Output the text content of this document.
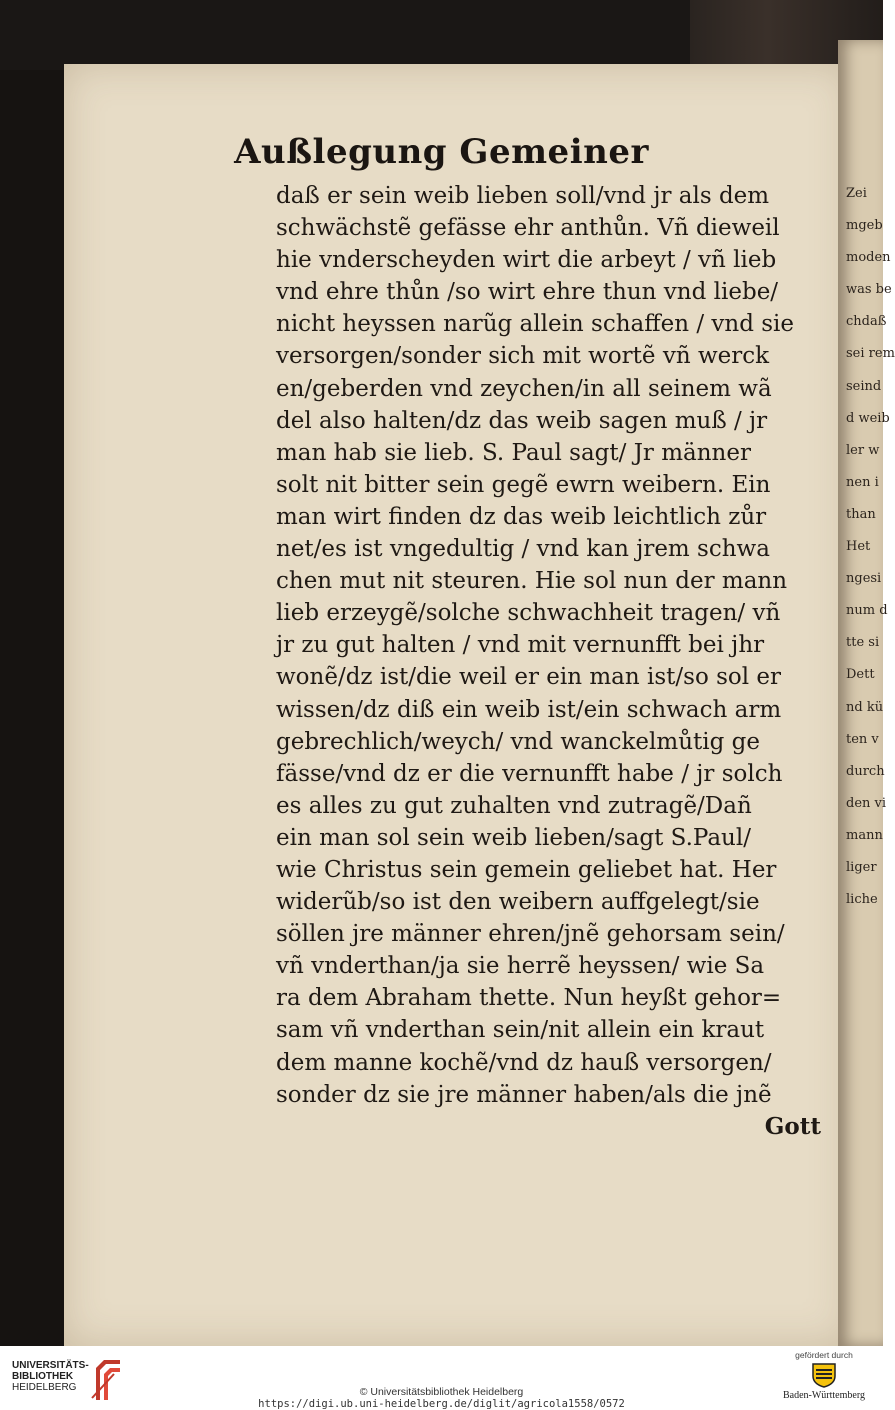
Zei
mgeb
moden
was be
chdaß
sei rem
seind
d weib
ler w
nen i
than
Het
ngesi
num d
tte si
Dett
nd kü
ten v
durch
den vi
mann
liger
liche
Außlegung Gemeiner
daß er sein weib lieben soll/vnd jr als dem
schwächstẽ gefässe ehr anthůn. Vñ dieweil
hie vnderscheyden wirt die arbeyt / vñ lieb
vnd ehre thůn /so wirt ehre thun vnd liebe/
nicht heyssen narũg allein schaffen / vnd sie
versorgen/sonder sich mit wortẽ vñ werck
en/geberden vnd zeychen/in all seinem wã
del also halten/dz das weib sagen muß / jr
man hab sie lieb. S. Paul sagt/ Jr männer
solt nit bitter sein gegẽ ewrn weibern. Ein
man wirt finden dz das weib leichtlich zůr
net/es ist vngedultig / vnd kan jrem schwa
chen mut nit steuren. Hie sol nun der mann
lieb erzeygẽ/solche schwachheit tragen/ vñ
jr zu gut halten / vnd mit vernunfft bei jhr
wonẽ/dz ist/die weil er ein man ist/so sol er
wissen/dz diß ein weib ist/ein schwach arm
gebrechlich/weych/ vnd wanckelmůtig ge
fässe/vnd dz er die vernunfft habe / jr solch
es alles zu gut zuhalten vnd zutragẽ/Dañ
ein man sol sein weib lieben/sagt S.Paul/
wie Christus sein gemein geliebet hat. Her
widerũb/so ist den weibern auffgelegt/sie
söllen jre männer ehren/jnẽ gehorsam sein/
vñ vnderthan/ja sie herrẽ heyssen/ wie Sa
ra dem Abraham thette. Nun heyßt gehor=
sam vñ vnderthan sein/nit allein ein kraut
dem manne kochẽ/vnd dz hauß versorgen/
sonder dz sie jre männer haben/als die jnẽ
Gott
UNIVERSITÄTS-
BIBLIOTHEK
HEIDELBERG	© Universitätsbibliothek Heidelberg
https://digi.ub.uni-heidelberg.de/diglit/agricola1558/0572
gefördert durch
Baden-Württemberg
